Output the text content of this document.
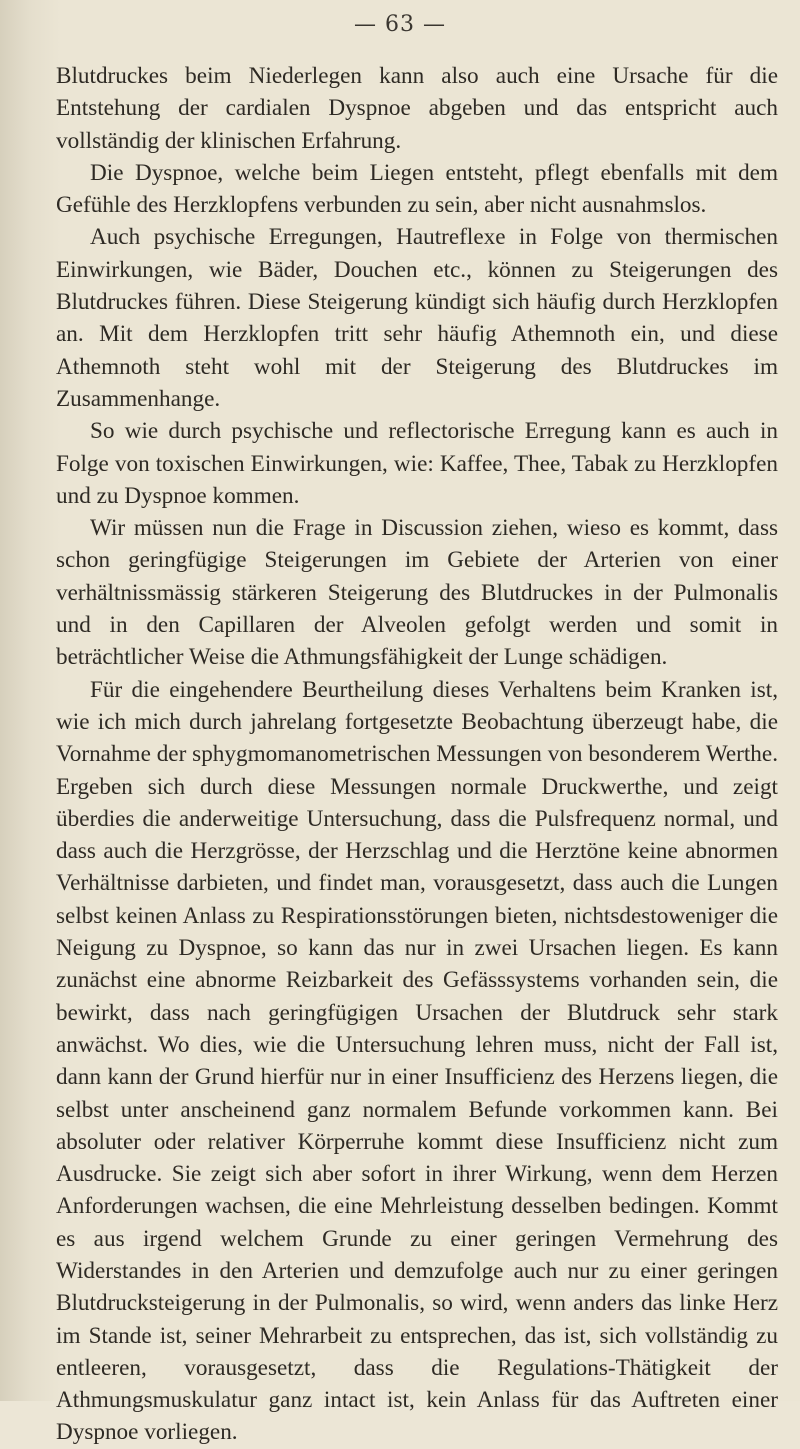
— 63 —

Blutdruckes beim Niederlegen kann also auch eine Ursache für die Entstehung der cardialen Dyspnoe abgeben und das entspricht auch vollständig der klinischen Erfahrung.

Die Dyspnoe, welche beim Liegen entsteht, pflegt ebenfalls mit dem Gefühle des Herzklopfens verbunden zu sein, aber nicht ausnahmslos.

Auch psychische Erregungen, Hautreflexe in Folge von thermischen Einwirkungen, wie Bäder, Douchen etc., können zu Steigerungen des Blutdruckes führen. Diese Steigerung kündigt sich häufig durch Herzklopfen an. Mit dem Herzklopfen tritt sehr häufig Athemnoth ein, und diese Athemnoth steht wohl mit der Steigerung des Blutdruckes im Zusammenhange.

So wie durch psychische und reflectorische Erregung kann es auch in Folge von toxischen Einwirkungen, wie: Kaffee, Thee, Tabak zu Herzklopfen und zu Dyspnoe kommen.

Wir müssen nun die Frage in Discussion ziehen, wieso es kommt, dass schon geringfügige Steigerungen im Gebiete der Arterien von einer verhältnissmässig stärkeren Steigerung des Blutdruckes in der Pulmonalis und in den Capillaren der Alveolen gefolgt werden und somit in beträchtlicher Weise die Athmungsfähigkeit der Lunge schädigen.

Für die eingehendere Beurtheilung dieses Verhaltens beim Kranken ist, wie ich mich durch jahrelang fortgesetzte Beobachtung überzeugt habe, die Vornahme der sphygmomanometrischen Messungen von besonderem Werthe. Ergeben sich durch diese Messungen normale Druckwerthe, und zeigt überdies die anderweitige Untersuchung, dass die Pulsfrequenz normal, und dass auch die Herzgrösse, der Herzschlag und die Herztöne keine abnormen Verhältnisse darbieten, und findet man, vorausgesetzt, dass auch die Lungen selbst keinen Anlass zu Respirationsstörungen bieten, nichtsdestoweniger die Neigung zu Dyspnoe, so kann das nur in zwei Ursachen liegen. Es kann zunächst eine abnorme Reizbarkeit des Gefässsystems vorhanden sein, die bewirkt, dass nach geringfügigen Ursachen der Blutdruck sehr stark anwächst. Wo dies, wie die Untersuchung lehren muss, nicht der Fall ist, dann kann der Grund hierfür nur in einer Insufficienz des Herzens liegen, die selbst unter anscheinend ganz normalem Befunde vorkommen kann. Bei absoluter oder relativer Körperruhe kommt diese Insufficienz nicht zum Ausdrucke. Sie zeigt sich aber sofort in ihrer Wirkung, wenn dem Herzen Anforderungen wachsen, die eine Mehrleistung desselben bedingen. Kommt es aus irgend welchem Grunde zu einer geringen Vermehrung des Widerstandes in den Arterien und demzufolge auch nur zu einer geringen Blutdrucksteigerung in der Pulmonalis, so wird, wenn anders das linke Herz im Stande ist, seiner Mehrarbeit zu entsprechen, das ist, sich vollständig zu entleeren, vorausgesetzt, dass die Regulations-Thätigkeit der Athmungsmuskulatur ganz intact ist, kein Anlass für das Auftreten einer Dyspnoe vorliegen.
